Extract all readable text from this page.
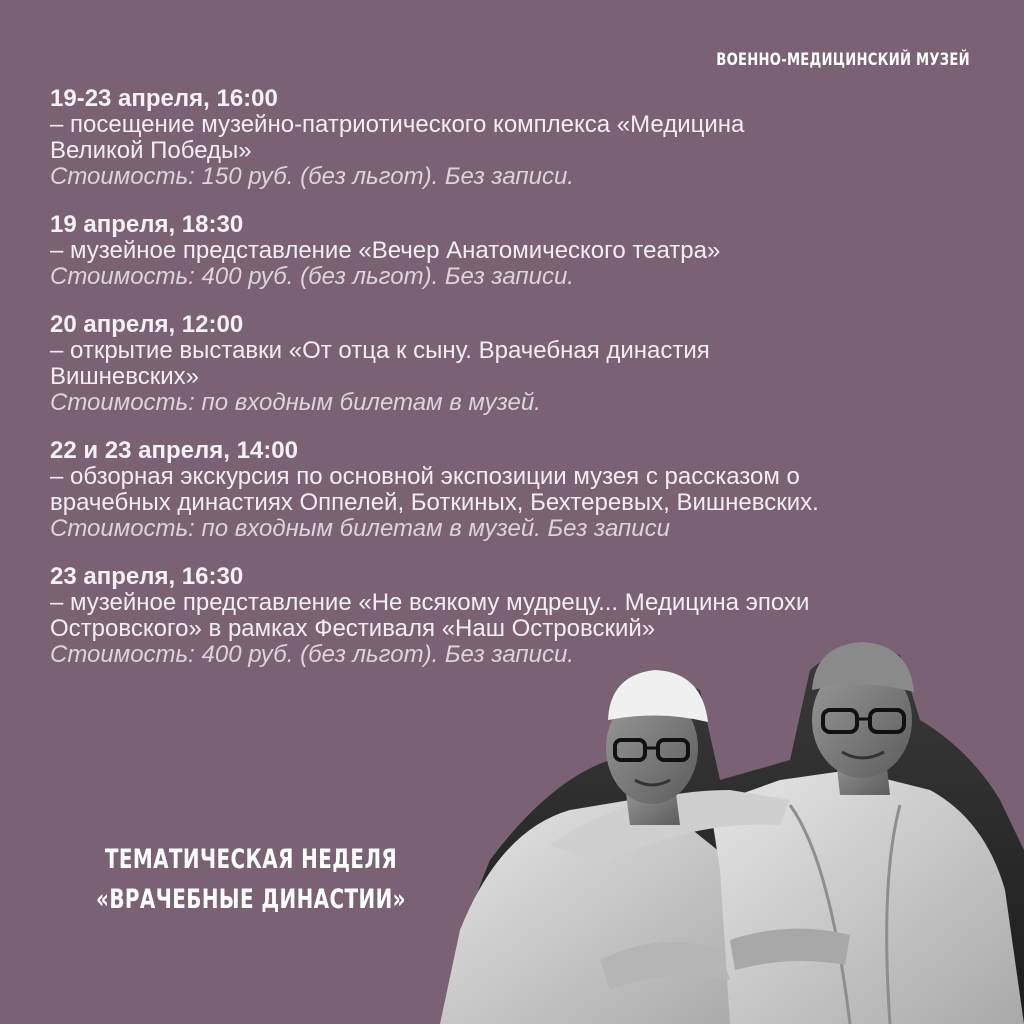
ВОЕННО-МЕДИЦИНСКИЙ МУЗЕЙ
19-23 апреля, 16:00
– посещение музейно-патриотического комплекса «Медицина
Великой Победы»
Стоимость: 150 руб. (без льгот). Без записи.
19 апреля, 18:30
– музейное представление «Вечер Анатомического театра»
Стоимость: 400 руб. (без льгот). Без записи.
20 апреля, 12:00
– открытие выставки «От отца к сыну. Врачебная династия
Вишневских»
Стоимость: по входным билетам в музей.
22 и 23 апреля, 14:00
– обзорная экскурсия по основной экспозиции музея с рассказом о
врачебных династиях Оппелей, Боткиных, Бехтеревых, Вишневских.
Стоимость: по входным билетам в музей. Без записи
23 апреля, 16:30
– музейное представление «Не всякому мудрецу... Медицина эпохи
Островского» в рамках Фестиваля «Наш Островский»
Стоимость: 400 руб. (без льгот). Без записи.
ТЕМАТИЧЕСКАЯ НЕДЕЛЯ
«ВРАЧЕБНЫЕ ДИНАСТИИ»
